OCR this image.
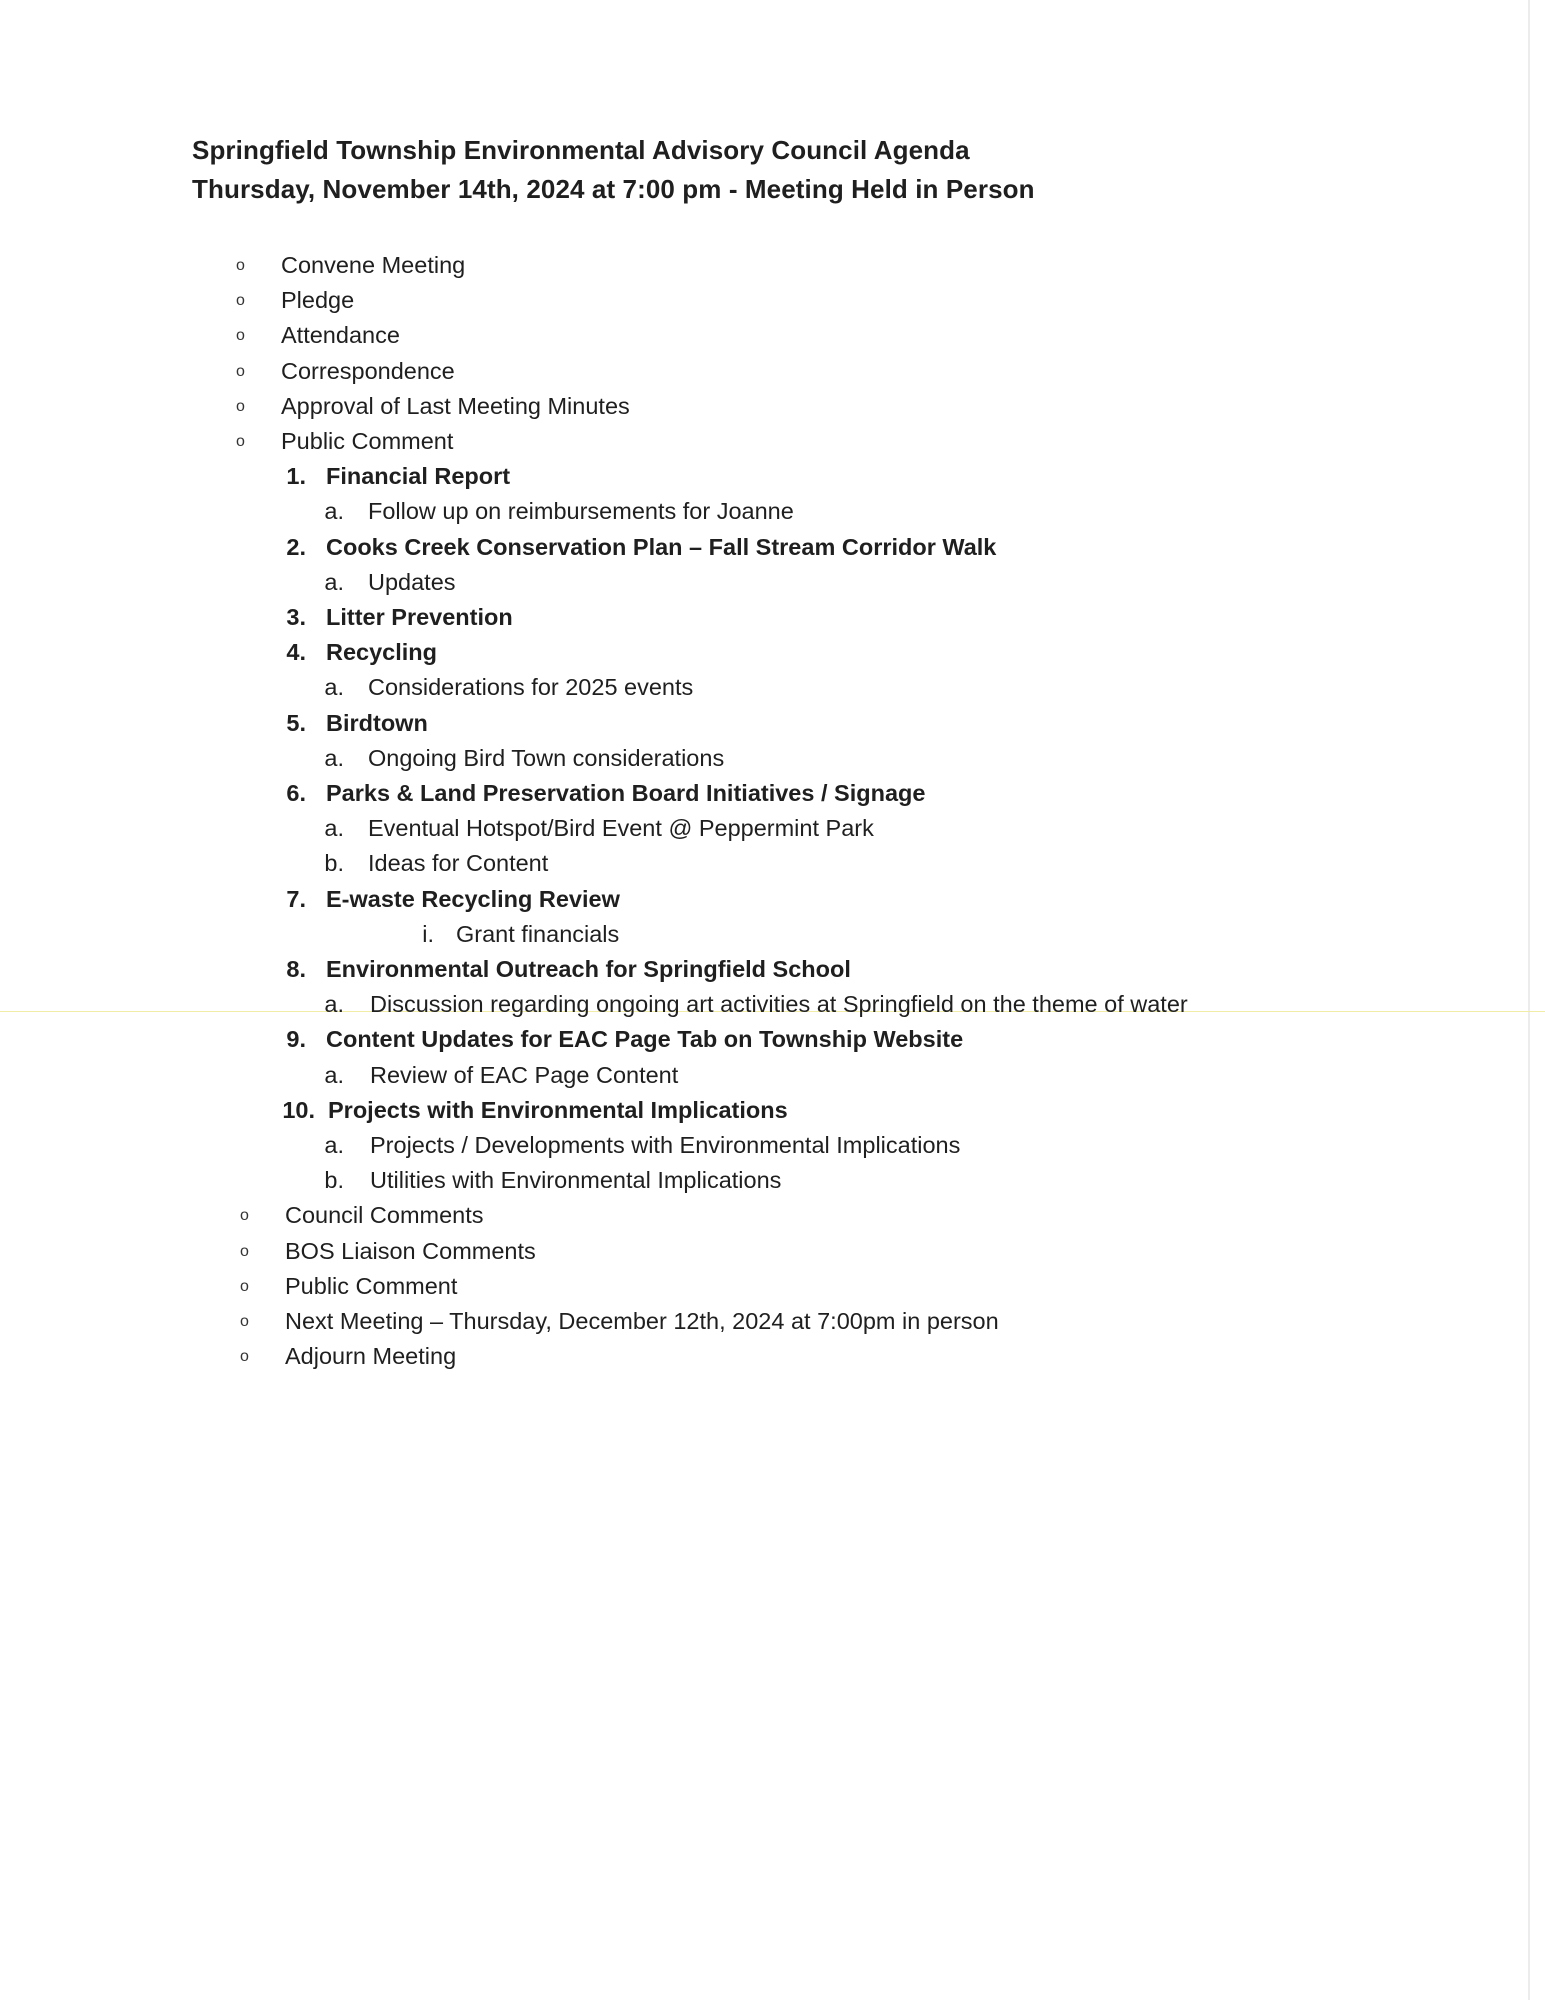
Springfield Township Environmental Advisory Council Agenda
Thursday, November 14th, 2024 at 7:00 pm - Meeting Held in Person
o Convene Meeting
o Pledge
o Attendance
o Correspondence
o Approval of Last Meeting Minutes
o Public Comment
1. Financial Report
a. Follow up on reimbursements for Joanne
2. Cooks Creek Conservation Plan – Fall Stream Corridor Walk
a. Updates
3. Litter Prevention
4. Recycling
a. Considerations for 2025 events
5. Birdtown
a. Ongoing Bird Town considerations
6. Parks & Land Preservation Board Initiatives / Signage
a. Eventual Hotspot/Bird Event @ Peppermint Park
b. Ideas for Content
7. E-waste Recycling Review
i. Grant financials
8. Environmental Outreach for Springfield School
a. Discussion regarding ongoing art activities at Springfield on the theme of water
9. Content Updates for EAC Page Tab on Township Website
a. Review of EAC Page Content
10. Projects with Environmental Implications
a. Projects / Developments with Environmental Implications
b. Utilities with Environmental Implications
o Council Comments
o BOS Liaison Comments
o Public Comment
o Next Meeting – Thursday, December 12th, 2024 at 7:00pm in person
o Adjourn Meeting
